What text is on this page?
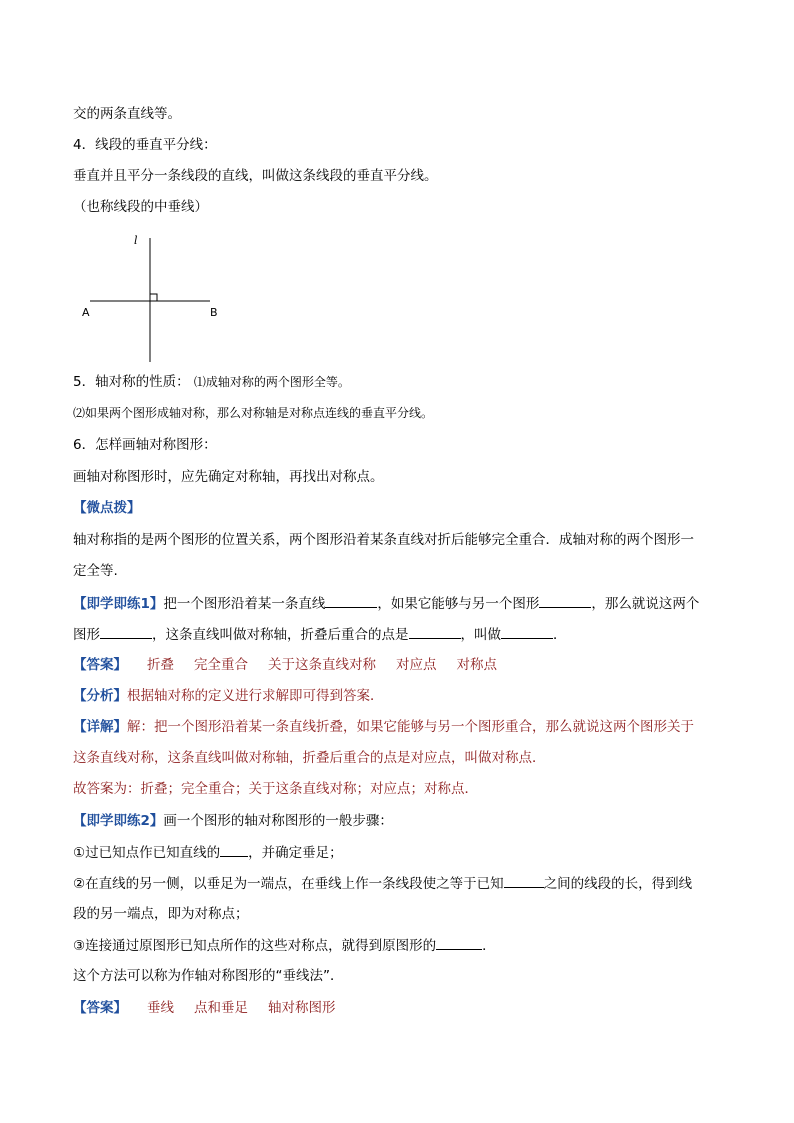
交的两条直线等。
4．线段的垂直平分线：
垂直并且平分一条线段的直线，叫做这条线段的垂直平分线。
（也称线段的中垂线）
l
A	B
5．轴对称的性质： ⑴成轴对称的两个图形全等。
⑵如果两个图形成轴对称，那么对称轴是对称点连线的垂直平分线。
6．怎样画轴对称图形：
画轴对称图形时，应先确定对称轴，再找出对称点。
【微点拨】
轴对称指的是两个图形的位置关系，两个图形沿着某条直线对折后能够完全重合．成轴对称的两个图形一
定全等.
【即学即练1】把一个图形沿着某一条直线	，如果它能够与另一个图形	，那么就说这两个
图形	，这条直线叫做对称轴，折叠后重合的点是	，叫做	．
【答案】 折叠 完全重合 关于这条直线对称 对应点 对称点
【分析】根据轴对称的定义进行求解即可得到答案．
【详解】解：把一个图形沿着某一条直线折叠，如果它能够与另一个图形重合，那么就说这两个图形关于
这条直线对称，这条直线叫做对称轴，折叠后重合的点是对应点，叫做对称点．
故答案为：折叠；完全重合；关于这条直线对称；对应点；对称点．
【即学即练2】画一个图形的轴对称图形的一般步骤：
①过已知点作已知直线的 ，并确定垂足；
②在直线的另一侧，以垂足为一端点，在垂线上作一条线段使之等于已知	之间的线段的长，得到线
段的另一端点，即为对称点；
③连接通过原图形已知点所作的这些对称点，就得到原图形的	．
这个方法可以称为作轴对称图形的“垂线法”．
【答案】 垂线 点和垂足 轴对称图形
